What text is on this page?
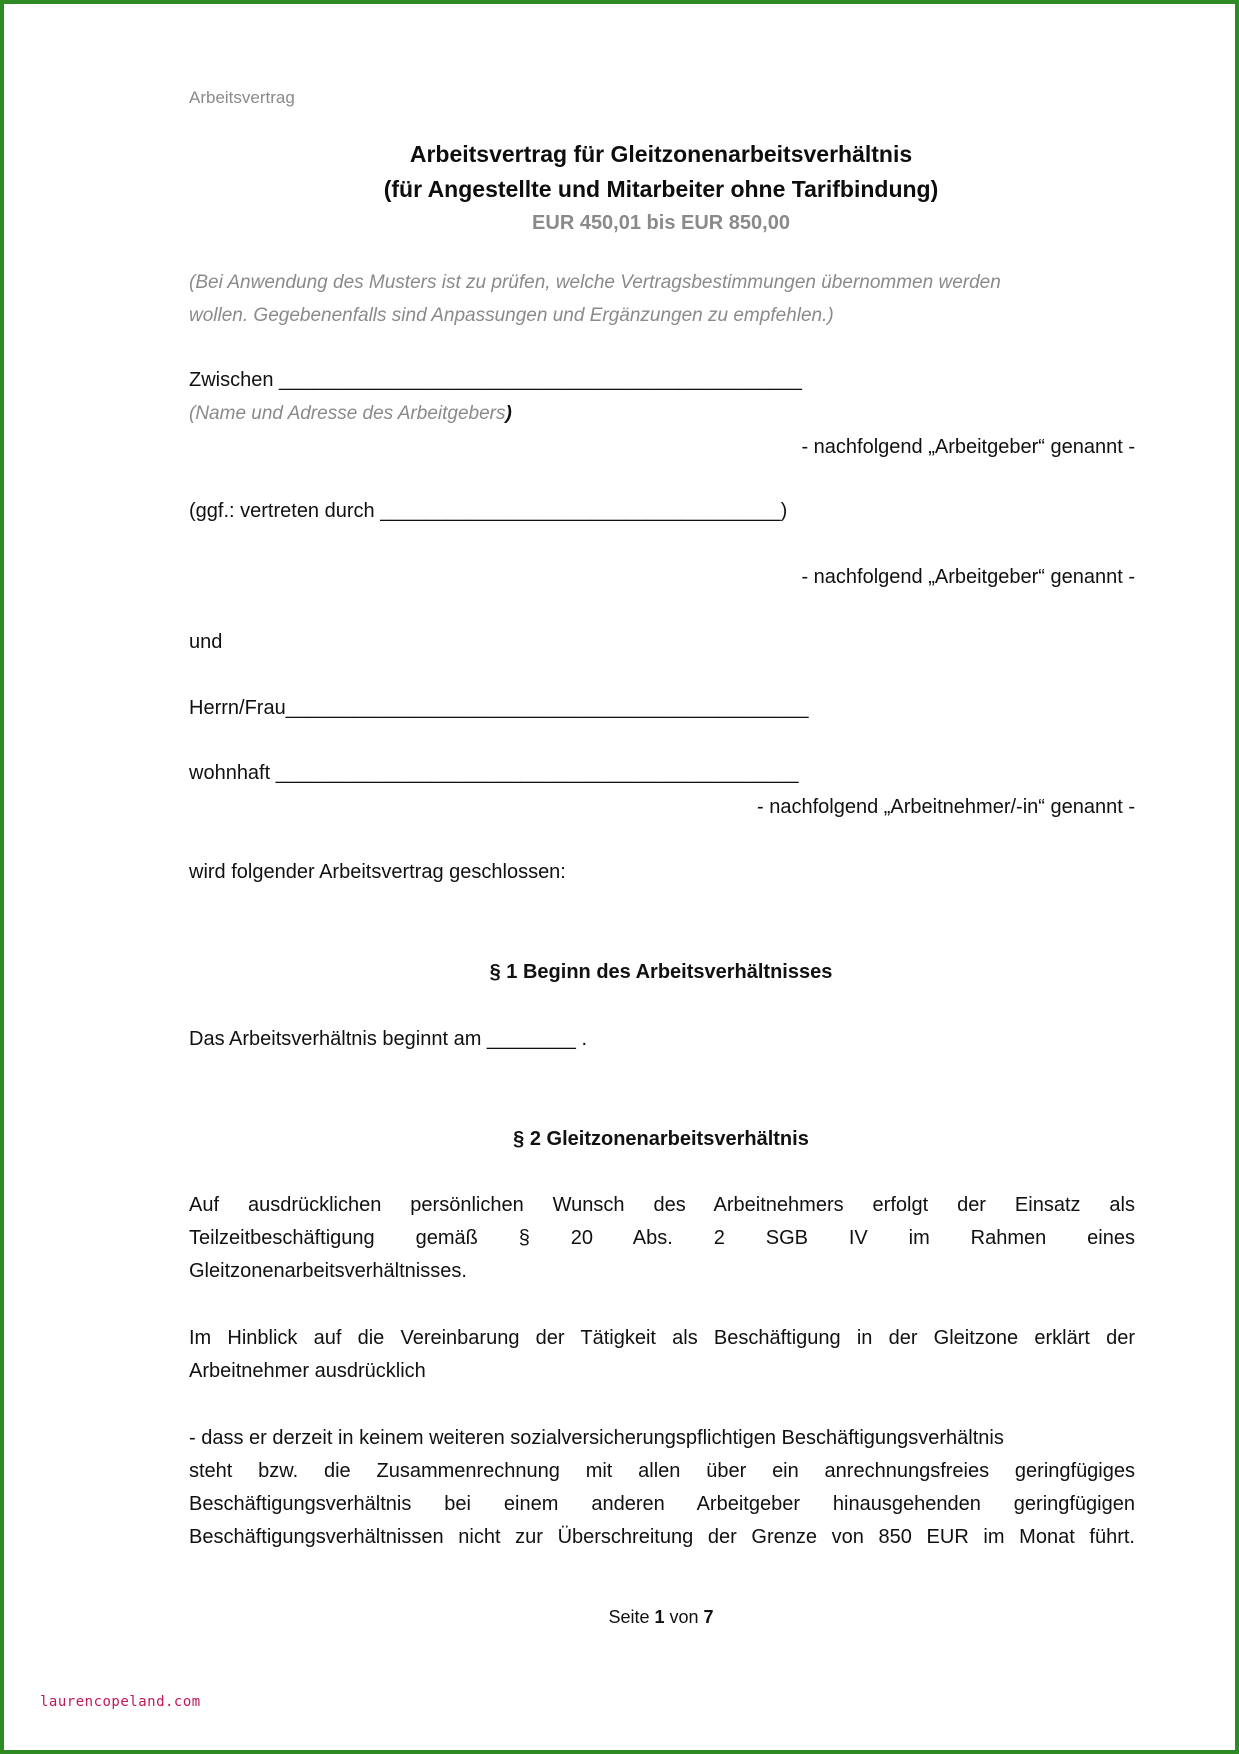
Arbeitsvertrag
Arbeitsvertrag für Gleitzonenarbeitsverhältnis
(für Angestellte und Mitarbeiter ohne Tarifbindung)
EUR 450,01 bis EUR 850,00
(Bei Anwendung des Musters ist zu prüfen, welche Vertragsbestimmungen übernommen werden
wollen. Gegebenenfalls sind Anpassungen und Ergänzungen zu empfehlen.)
Zwischen _______________________________________________
(Name und Adresse des Arbeitgebers)
- nachfolgend „Arbeitgeber“ genannt -
(ggf.: vertreten durch ____________________________________)
- nachfolgend „Arbeitgeber“ genannt -
und
Herrn/Frau_______________________________________________
wohnhaft _______________________________________________
- nachfolgend „Arbeitnehmer/-in“ genannt -
wird folgender Arbeitsvertrag geschlossen:
§ 1 Beginn des Arbeitsverhältnisses
Das Arbeitsverhältnis beginnt am ________ .
§ 2 Gleitzonenarbeitsverhältnis
Auf ausdrücklichen persönlichen Wunsch des Arbeitnehmers erfolgt der Einsatz als
Teilzeitbeschäftigung gemäß § 20 Abs. 2 SGB IV im Rahmen eines
Gleitzonenarbeitsverhältnisses.
Im Hinblick auf die Vereinbarung der Tätigkeit als Beschäftigung in der Gleitzone erklärt der
Arbeitnehmer ausdrücklich
- dass er derzeit in keinem weiteren sozialversicherungspflichtigen Beschäftigungsverhältnis
steht bzw. die Zusammenrechnung mit allen über ein anrechnungsfreies geringfügiges
Beschäftigungsverhältnis bei einem anderen Arbeitgeber hinausgehenden geringfügigen
Beschäftigungsverhältnissen nicht zur Überschreitung der Grenze von 850 EUR im Monat führt.
Seite 1 von 7
laurencopeland.com
